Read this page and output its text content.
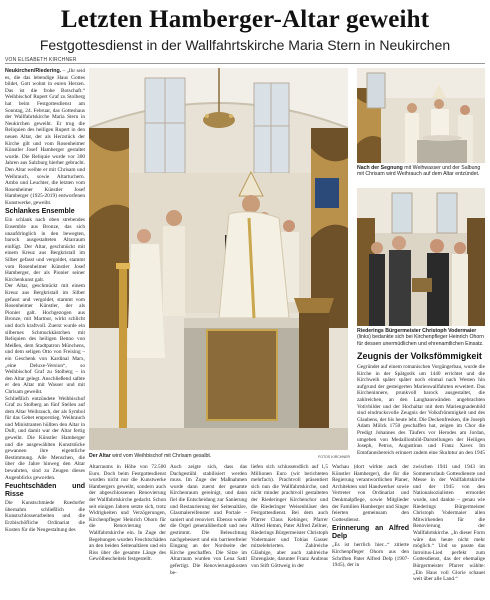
Letzten Hamberger-Altar geweiht
Festgottesdienst in der Wallfahrtskirche Maria Stern in Neukirchen
VON ELISABETH KIRCHNER

Neukirchen/Riedering. – „Ihr seid es, die das lebendige Haus Gottes bildet, Gott wohnt in euren Herzen. Das ist die frohe Botschaft.“ Weihbischof Rupert Graf zu Stolberg hat beim Festgottesdienst am Sonntag, 24. Februar, das Gotteshaus der Wallfahrtskirche Maria Stern in Neukirchen geweiht. Er trug die Reliquien des heiligen Rupert in den neuen Altar, der als Herzstück der Kirche gilt und vom Rosenheimer Künstler Josef Hamberger gestaltet wurde. Die Reliquie wurde vor 300 Jahren aus Salzburg hierher gebracht. Den Altar weihte er mit Chrisam und Weihrauch, sowie Altartuchern. Ambo und Leuchter, die letzten vom Rosenheimer Künstler Josef Hamberger (1925-2019) entworfenen Kunstwerke, geweiht.

Schlankes Ensemble

Ein schlank nach oben strebendes Ensemble aus Bronze, das sich unaufdringlich in den bewegten, barock ausgestalteten Altarraum einfügt. Der Altar, geschmückt mit einem Kreuz aus Bergkristall im Silber gefasst und vergoldet, stammt vom Rosenheimer Künstler Josef Hamberger, der als Pionier seiner Kirchenkunst galt.

Der Altar, geschmückt mit einem Kreuz aus Bergkristall im Silber gefasst und vergoldet, stammt vom Rosenheimer Künstler, der als Pionier galt. Hochgezogen aus Bronze, mit Marmor, wirkt schlicht und doch kraftvoll. Zuerst wurde ein silbernes Schmuckkästchen mit Reliquien des heiligen Benno von Meißen, dem Stadtpatron Münchens, und dem seligen Otto von Freising – ein Geschenk von Kardinal Marx, „eine Deluxe-Version“, so Weihbischof Graf zu Stolberg – in den Altar gelegt. Anschließend salbte er den Altar mit Wasser und mit Chrisam geweiht.

Schließlich entzündete Weihbischof Graf zu Stolberg an fünf Stellen auf dem Altar Weihrauch, der als Symbol für das Gebet emporstieg. Weihrauch und Ministranten hüllten den Altar in Duft, und damit war der Altar fertig geweiht. Die Künstler Hamberger und die ausgewählten Kunststücke gewannen ihre eigentliche Bestimmung. Alle Menschen, die über die Jahre hinweg den Altar bewahrten, sind zu Zeugen dieses Augenblicks geworden.

Feuchtschäden und Risse

Die Kunstschmiede Ruedorfer übernahm schließlich die Kunstschlosserarbeiten und die Erzbischöfliche Ordinariat die Kosten für die Neugestaltung des

Der Altar wird vom Weihbischof mit Chrisam gesalbt.	FOTOS KIRCHNER
Nach der Segnung mit Weihwasser und der Salbung mit Chrisam wird Weihrauch auf dem Altar entzündet.
Riederings Bürgermeister Christoph Vodermaier (links) bedankte sich bei Kirchenpfleger Heinrich Ohorn für dessen unermüdlichen und ehrenamtlichen Einsatz.
Zeugnis der Volksfömmigkeit
Gegründet auf einem romanischen Vorgängerbau, wurde die Kirche in der Spätgotik um 1440 errichtet und die Kirchweih später später noch einmal nach Westen hin aufgrund der gesteigerten Marienwallfahrten erweitert. Das Kircheninnere, prunkvoll barock ausgestaltet, die zahlreichen, an den Langhauswänden angebrachten Votivbilder und der Hochaltar mit dem Mariengnadenbild sind eindrucksvolle Zeugnis der Volksfrömmigkeit und des Glaubens, der bis heute lebt. Die Deckenfresken, die Joseph Adam Mölck 1750 geschaffen hat, zeigen im Chor die Predigt Johannes des Täufers vor Herodes am Jordan, umgeben von Medaillonbild-Darstellungen der Heiligen Joseph, Petrus, Augustinus und Franz Xaver. Im Empfangsbereich erinnert zudem eine Skulptur an den 1945
Altarraums in Höhe von 72.500 Euro. Doch beim Festgottesdienst wurden nicht nur die Kunstwerke Hambergers geweiht, sondern auch der abgeschlossenen Renovierung der Wallfahrtskirche gedacht. Schon seit einigen Jahren setzte sich, trotz Widrigkeiten und Verzögerungen, Kirchenpfleger Heinrich Ohorn für die Renovierung der Wallfahrtskirche ein. In Zuge der Begehungen wurden Feuchtschäden an den beiden Seitenaltären und ein Riss über die gesamte Länge des Gewölbescheitels festgestellt.
Auch zeigte sich, dass das Dachgestühl stabilisiert werden muss. Im Zuge der Maßnahmen wurde dann zuerst der gesamte Kirchenraum gereinigt, und dann fiel die Entscheidung zur Sanierung und Restaurierung der Seitenaltäre, Glasmalereifenster und Portale – saniert und renoviert. Ebenso wurde die Orgel generalüberholt und neu gestimmt. Die Beleuchtung nachgebessert und ein barrierefreier Eingang an der Nordseite der Kirche geschaffen. Die Sitze im Altarraum wurden von Lena Sattl gefertigt. Die Renovierungskosten be-
liefen sich schlussendlich auf 1,5 Millionen Euro (wir berichteten mehrfach). Prachtvoll präsentiert sich nun die Wallfahrtskirche, und nicht minder prachtvoll gestalteten der Riederinger Kirchenchor und die Riederinger Weisenbläser den Festgottesdienst. Bei dem auch Pfarrer Claus Kebinger, Pfarrer Alfred Hemm, Pater Alfred Zellner, Riederings Bürgermeister Christoph Vodermaier und Tobias Gasser mitzelebrierten. Zahlreiche Gläubige, aber auch zahlreiche Ehrengäste, darunter Franz Andreas von Stift Göttweig in der

Wachau (dort wirkte auch der Künstler Hamberger), die für die Regierung verantwortlichen Planer, Architekten und Handwerker sowie Vertreter von Ordinariat und Denkmalpflege, sowie Mitglieder der Familien Hamberger und Singer feierten gemeinsam den Gottesdienst.

Erinnerung an Alfred Delp

„Es ist herrlich hier...“ zitierte Kirchenpfleger Ohorn aus den Schriften Pater Alfred Delp (1907-1945), der in

zwischen 1941 und 1943 im Sommerurlaub Gottesdienste und Messe in der Wallfahrtskirche und der 1945 von den Nationalsozialisten ermordet wurde, und dankte – genau wie Riederings Bürgermeister Christoph Vodermaier allen Mitwirkenden für die Renovierung der Wallfahrtskirche. „In dieser Form wäre das heute nicht mehr möglich.“ Und so passte das Introitus-Lied perfekt zum Gottesdienst, das der ehemalige Bürgermeister Pfarrer wählte: „Ein Haus voll Glorie schauet weit über alle Land.“
